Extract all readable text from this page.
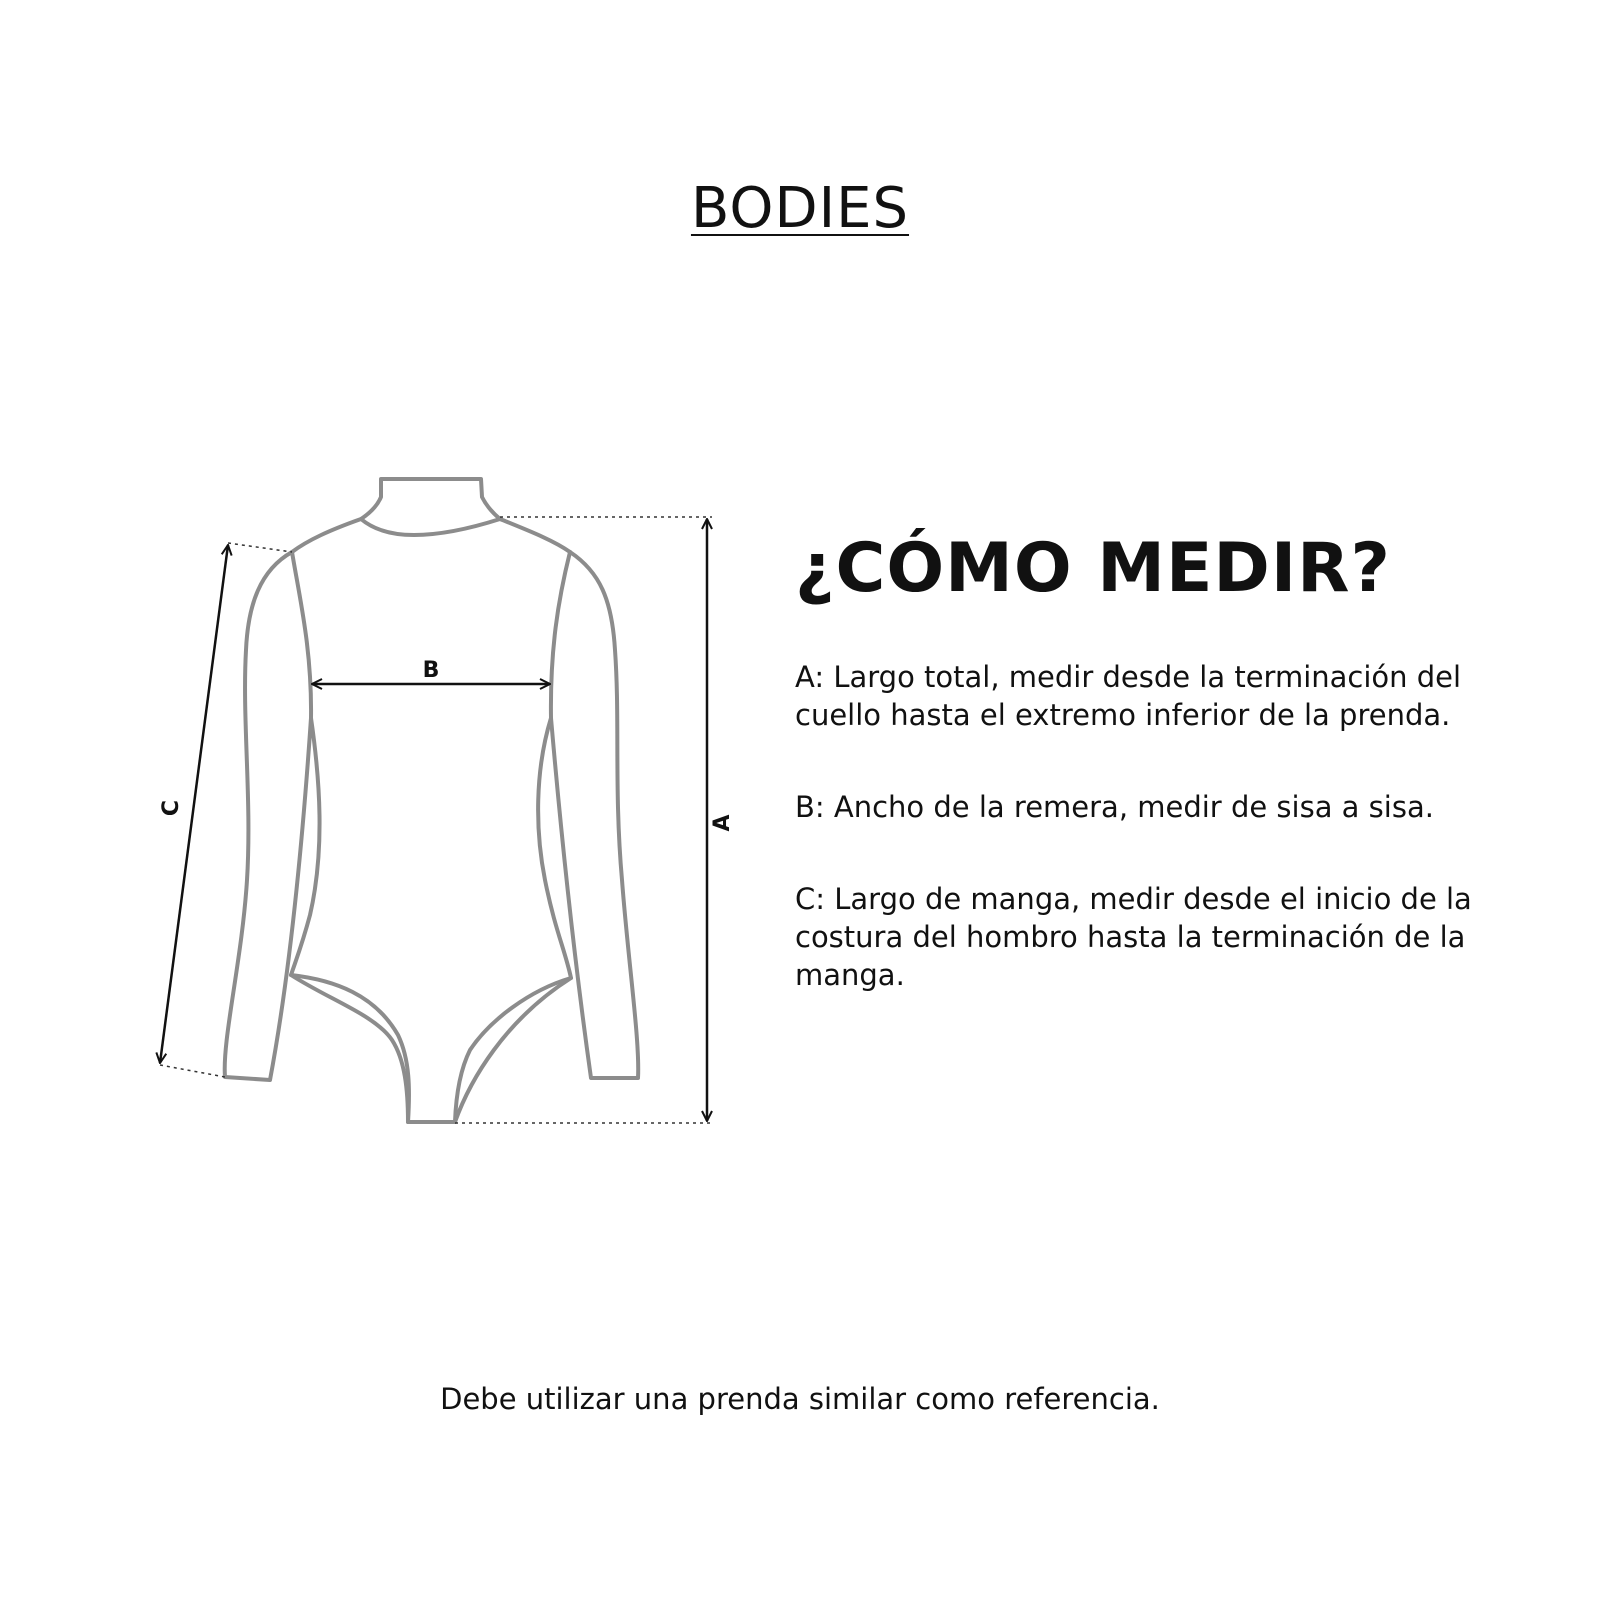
BODIES
A
B
C
¿CÓMO MEDIR?

A: Largo total, medir desde la terminación del cuello hasta el extremo inferior de la prenda.

B: Ancho de la remera, medir de sisa a sisa.

C: Largo de manga, medir desde el inicio de la costura del hombro hasta la terminación de la manga.

Debe utilizar una prenda similar como referencia.
